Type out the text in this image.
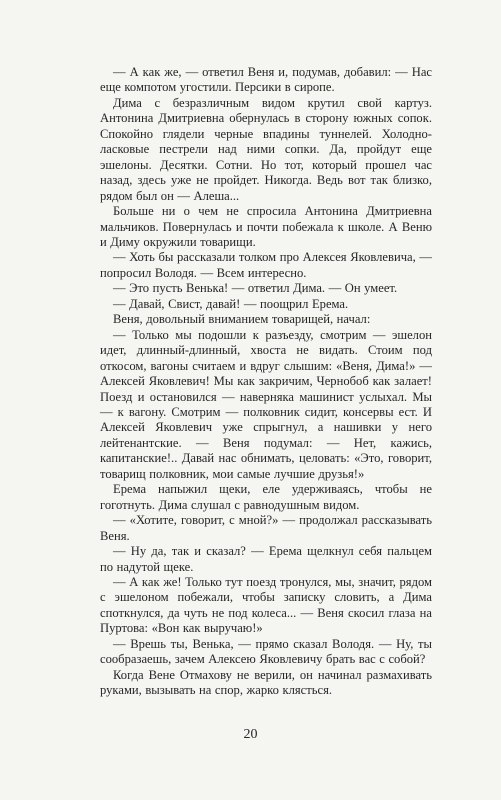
— А как же, — ответил Веня и, подумав, добавил: — Нас еще компотом угостили. Персики в сиропе.

Дима с безразличным видом крутил свой картуз. Антонина Дмитриевна обернулась в сторону южных сопок. Спокойно глядели черные впадины туннелей. Холодно-ласковые пестрели над ними сопки. Да, пройдут еще эшелоны. Десятки. Сотни. Но тот, который прошел час назад, здесь уже не пройдет. Никогда. Ведь вот так близко, рядом был он — Алеша...

Больше ни о чем не спросила Антонина Дмитриевна мальчиков. Повернулась и почти побежала к школе. А Веню и Диму окружили товарищи.

— Хоть бы рассказали толком про Алексея Яковлевича, — попросил Володя. — Всем интересно.

— Это пусть Венька! — ответил Дима. — Он умеет.

— Давай, Свист, давай! — поощрил Ерема.

Веня, довольный вниманием товарищей, начал:

— Только мы подошли к разъезду, смотрим — эшелон идет, длинный-длинный, хвоста не видать. Стоим под откосом, вагоны считаем и вдруг слышим: «Веня, Дима!» — Алексей Яковлевич! Мы как закричим, Чернобоб как залает! Поезд и остановился — наверняка машинист услыхал. Мы — к вагону. Смотрим — полковник сидит, консервы ест. И Алексей Яковлевич уже спрыгнул, а нашивки у него лейтенантские. — Веня подумал: — Нет, кажись, капитанские!.. Давай нас обнимать, целовать: «Это, говорит, товарищ полковник, мои самые лучшие друзья!»

Ерема напыжил щеки, еле удерживаясь, чтобы не гоготнуть. Дима слушал с равнодушным видом.

— «Хотите, говорит, с мной?» — продолжал рассказывать Веня.

— Ну да, так и сказал? — Ерема щелкнул себя пальцем по надутой щеке.

— А как же! Только тут поезд тронулся, мы, значит, рядом с эшелоном побежали, чтобы записку словить, а Дима споткнулся, да чуть не под колеса... — Веня скосил глаза на Пуртова: «Вон как выручаю!»

— Врешь ты, Венька, — прямо сказал Володя. — Ну, ты сообразаешь, зачем Алексею Яковлевичу брать вас с собой?

Когда Вене Отмахову не верили, он начинал размахивать руками, вызывать на спор, жарко клясться.

20
